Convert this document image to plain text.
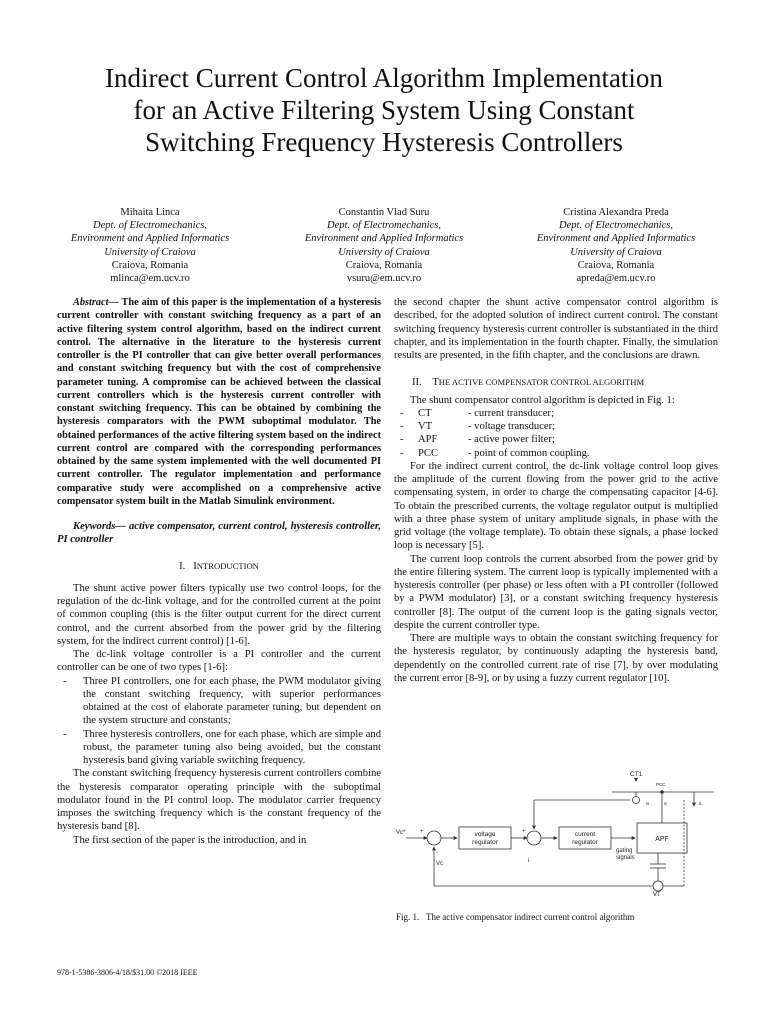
Indirect Current Control Algorithm Implementation
for an Active Filtering System Using Constant
Switching Frequency Hysteresis Controllers
Mihaita Linca
Dept. of Electromechanics,
Environment and Applied Informatics
University of Craiova
Craiova, Romania
mlinca@em.ucv.ro
Constantin Vlad Suru
Dept. of Electromechanics,
Environment and Applied Informatics
University of Craiova
Craiova, Romania
vsuru@em.ucv.ro
Cristina Alexandra Preda
Dept. of Electromechanics,
Environment and Applied Informatics
University of Craiova
Craiova, Romania
apreda@em.ucv.ro

Abstract— The aim of this paper is the implementation of a hysteresis current controller with constant switching frequency as a part of an active filtering system control algorithm, based on the indirect current control. The alternative in the literature to the hysteresis current controller is the PI controller that can give better overall performances and constant switching frequency but with the cost of comprehensive parameter tuning. A compromise can be achieved between the classical current controllers which is the hysteresis current controller with constant switching frequency. This can be obtained by combining the hysteresis comparators with the PWM suboptimal modulator. The obtained performances of the active filtering system based on the indirect current control are compared with the corresponding performances obtained by the same system implemented with the well documented PI current controller. The regulator implementation and performance comparative study were accomplished on a comprehensive active compensator system built in the Matlab Simulink environment.

Keywords— active compensator, current control, hysteresis controller, PI controller

I. INTRODUCTION

The shunt active power filters typically use two control loops, for the regulation of the dc-link voltage, and for the controlled current at the point of common coupling (this is the filter output current for the direct current control, and the current absorbed from the power grid by the filtering system, for the indirect current control) [1-6].

The dc-link voltage controller is a PI controller and the current controller can be one of two types [1-6]:

-	Three PI controllers, one for each phase, the PWM modulator giving the constant switching frequency, with superior performances obtained at the cost of elaborate parameter tuning, but dependent on the system structure and constants;
-	Three hysteresis controllers, one for each phase, which are simple and robust, the parameter tuning also being avoided, but the constant hysteresis band giving variable switching frequency.

The constant switching frequency hysteresis current controllers combine the hysteresis comparator operating principle with the suboptimal modulator found in the PI control loop. The modulator carrier frequency imposes the switching frequency which is the constant frequency of the hysteresis band [8].

The first section of the paper is the introduction, and in

the second chapter the shunt active compensator control algorithm is described, for the adopted solution of indirect current control. The constant switching frequency hysteresis current controller is substantiated in the third chapter, and its implementation in the fourth chapter. Finally, the simulation results are presented, in the fifth chapter, and the conclusions are drawn.

II. THE ACTIVE COMPENSATOR CONTROL ALGORITHM

The shunt compensator control algorithm is depicted in Fig. 1:

-	CT	- current transducer;
-	VT	- voltage transducer;
-	APF	- active power filter;
-	PCC	- point of common coupling.

For the indirect current control, the dc-link voltage control loop gives the amplitude of the current flowing from the power grid to the active compensating system, in order to charge the compensating capacitor [4-6]. To obtain the prescribed currents, the voltage regulator output is multiplied with a three phase system of unitary amplitude signals, in phase with the grid voltage (the voltage template). To obtain these signals, a phase locked loop is necessary [5].

The current loop controls the current absorbed from the power grid by the entire filtering system. The current loop is typically implemented with a hysteresis controller (per phase) or less often with a PI controller (followed by a PWM modulator) [3], or a constant switching frequency hysteresis controller [8]. The output of the current loop is the gating signals vector, despite the current controller type.

There are multiple ways to obtain the constant switching frequency for the hysteresis regulator, by continuously adapting the hysteresis band, dependently on the controlled current rate of rise [7], by over modulating the current error [8-9], or by using a fuzzy current regulator [10].

CT1
PCC
Vc* +
-
Vc
voltage
regulator
current
regulator	APF
gating
signals
VT
is	ic	iL
i
+
Fig. 1. The active compensator indirect current control algorithm
978-1-5386-3806-4/18/$31.00 ©2018 IEEE
